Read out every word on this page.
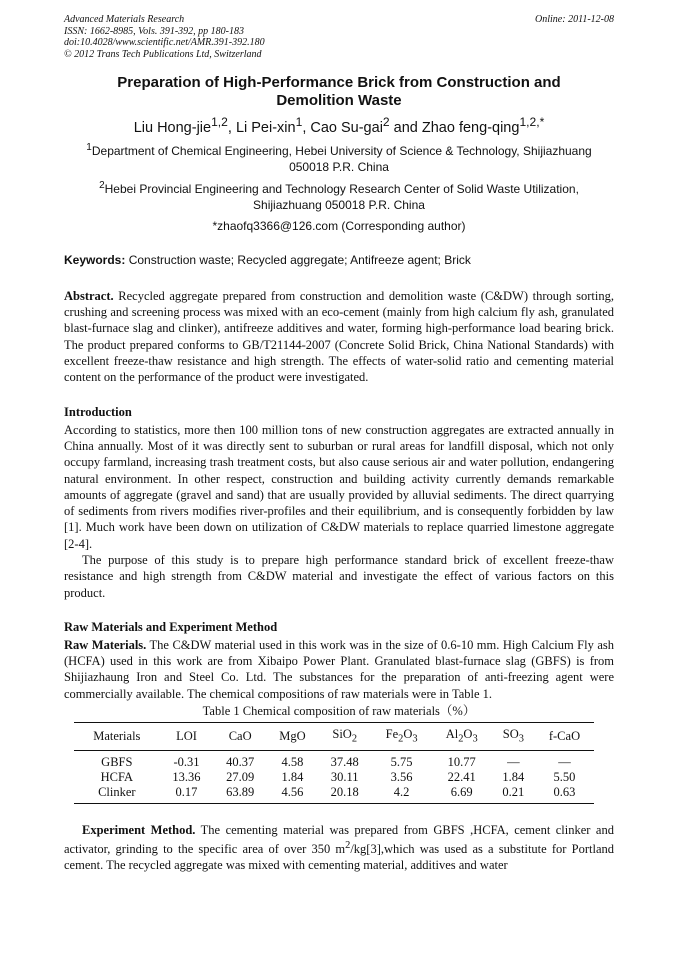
Advanced Materials Research
ISSN: 1662-8985, Vols. 391-392, pp 180-183
doi:10.4028/www.scientific.net/AMR.391-392.180
© 2012 Trans Tech Publications Ltd, Switzerland
Online: 2011-12-08
Preparation of High-Performance Brick from Construction and
Demolition Waste
Liu Hong-jie$^{1,2}$, Li Pei-xin$^1$, Cao Su-gai$^2$ and Zhao feng-qing$^{1,2,*}$
$^1$Department of Chemical Engineering, Hebei University of Science & Technology, Shijiazhuang
050018 P.R. China
$^2$Hebei Provincial Engineering and Technology Research Center of Solid Waste Utilization,
Shijiazhuang 050018 P.R. China
*zhaofq3366@126.com (Corresponding author)
Keywords: Construction waste; Recycled aggregate; Antifreeze agent; Brick

Abstract. Recycled aggregate prepared from construction and demolition waste (C&DW) through sorting, crushing and screening process was mixed with an eco-cement (mainly from high calcium fly ash, granulated blast-furnace slag and clinker), antifreeze additives and water, forming high-performance load bearing brick. The product prepared conforms to GB/T21144-2007 (Concrete Solid Brick, China National Standards) with excellent freeze-thaw resistance and high strength. The effects of water-solid ratio and cementing material content on the performance of the product were investigated.

Introduction

According to statistics, more then 100 million tons of new construction aggregates are extracted annually in China annually. Most of it was directly sent to suburban or rural areas for landfill disposal, which not only occupy farmland, increasing trash treatment costs, but also cause serious air and water pollution, endangering natural environment. In other respect, construction and building activity currently demands remarkable amounts of aggregate (gravel and sand) that are usually provided by alluvial sediments. The direct quarrying of sediments from rivers modifies river-profiles and their equilibrium, and is consequently forbidden by law [1]. Much work have been down on utilization of C&DW materials to replace quarried limestone aggregate [2-4].

The purpose of this study is to prepare high performance standard brick of excellent freeze-thaw resistance and high strength from C&DW material and investigate the effect of various factors on this product.

Raw Materials and Experiment Method

Raw Materials. The C&DW material used in this work was in the size of 0.6-10 mm. High Calcium Fly ash (HCFA) used in this work are from Xibaipo Power Plant. Granulated blast-furnace slag (GBFS) is from Shijiazhaung Iron and Steel Co. Ltd. The substances for the preparation of anti-freezing agent were commercially available. The chemical compositions of raw materials were in Table 1.

Table 1 Chemical composition of raw materials（%）
Materials	LOI	CaO	MgO	SiO$_2$	$Fe_2O_3$	$Al_2O_3$	$SO_3$	f-CaO
GBFS	-0.31	40.37	4.58	37.48	5.75	10.77	—	—
HCFA	13.36	27.09	1.84	30.11	3.56	22.41	1.84	5.50
Clinker	0.17	63.89	4.56	20.18	4.2	6.69	0.21	0.63

Experiment Method. The cementing material was prepared from GBFS ,HCFA, cement clinker and activator, grinding to the specific area of over 350 $m^2/kg[3],which$ was used as a substitute for Portland cement. The recycled aggregate was mixed with cementing material, additives and water
